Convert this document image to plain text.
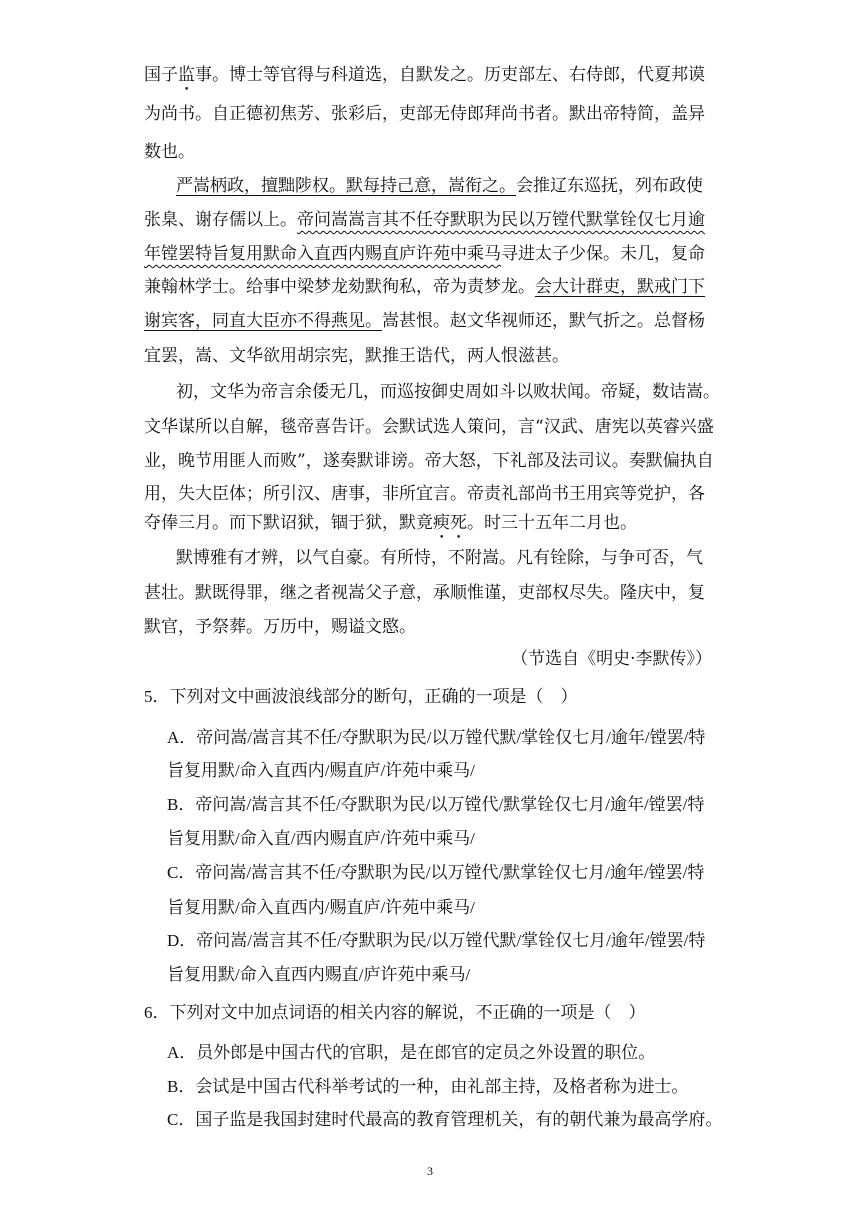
国子监事。博士等官得与科道选，自默发之。历吏部左、右侍郎，代夏邦谟
为尚书。自正德初焦芳、张彩后，吏部无侍郎拜尚书者。默出帝特简，盖异
数也。
严嵩柄政，擅黜陟权。默每持己意，嵩衔之。会推辽东巡抚，列布政使
张臬、谢存儒以上。帝问嵩嵩言其不任夺默职为民以万镗代默掌铨仅七月逾
年镗罢特旨复用默命入直西内赐直庐许苑中乘马寻进太子少保。未几，复命
兼翰林学士。给事中梁梦龙劾默徇私，帝为责梦龙。会大计群吏，默戒门下
谢宾客，同直大臣亦不得燕见。嵩甚恨。赵文华视师还，默气折之。总督杨
宜罢，嵩、文华欲用胡宗宪，默推王诰代，两人恨滋甚。
初，文华为帝言余倭无几，而巡按御史周如斗以败状闻。帝疑，数诘嵩。
文华谋所以自解，毯帝喜告讦。会默试选人策问，言“汉武、唐宪以英睿兴盛
业，晚节用匪人而败”，遂奏默诽谤。帝大怒，下礼部及法司议。奏默偏执自
用，失大臣体；所引汉、唐事，非所宜言。帝责礼部尚书王用宾等党护，各
夺俸三月。而下默诏狱，锢于狱，默竟瘐死。时三十五年二月也。
默博雅有才辨，以气自豪。有所恃，不附嵩。凡有铨除，与争可否，气
甚壮。默既得罪，继之者视嵩父子意，承顺惟谨，吏部权尽失。隆庆中，复
默官，予祭葬。万历中，赐谥文愍。
（节选自《明史·李默传》）
5．下列对文中画波浪线部分的断句，正确的一项是（    ）
A．帝问嵩/嵩言其不任/夺默职为民/以万镗代默/掌铨仅七月/逾年/镗罢/特
旨复用默/命入直西内/赐直庐/许苑中乘马/
B．帝问嵩/嵩言其不任/夺默职为民/以万镗代/默掌铨仅七月/逾年/镗罢/特
旨复用默/命入直/西内赐直庐/许苑中乘马/
C．帝问嵩/嵩言其不任/夺默职为民/以万镗代/默掌铨仅七月/逾年/镗罢/特
旨复用默/命入直西内/赐直庐/许苑中乘马/
D．帝问嵩/嵩言其不任/夺默职为民/以万镗代默/掌铨仅七月/逾年/镗罢/特
旨复用默/命入直西内赐直/庐许苑中乘马/
6．下列对文中加点词语的相关内容的解说，不正确的一项是（    ）
A．员外郎是中国古代的官职，是在郎官的定员之外设置的职位。
B．会试是中国古代科举考试的一种，由礼部主持，及格者称为进士。
C．国子监是我国封建时代最高的教育管理机关，有的朝代兼为最高学府。
3
